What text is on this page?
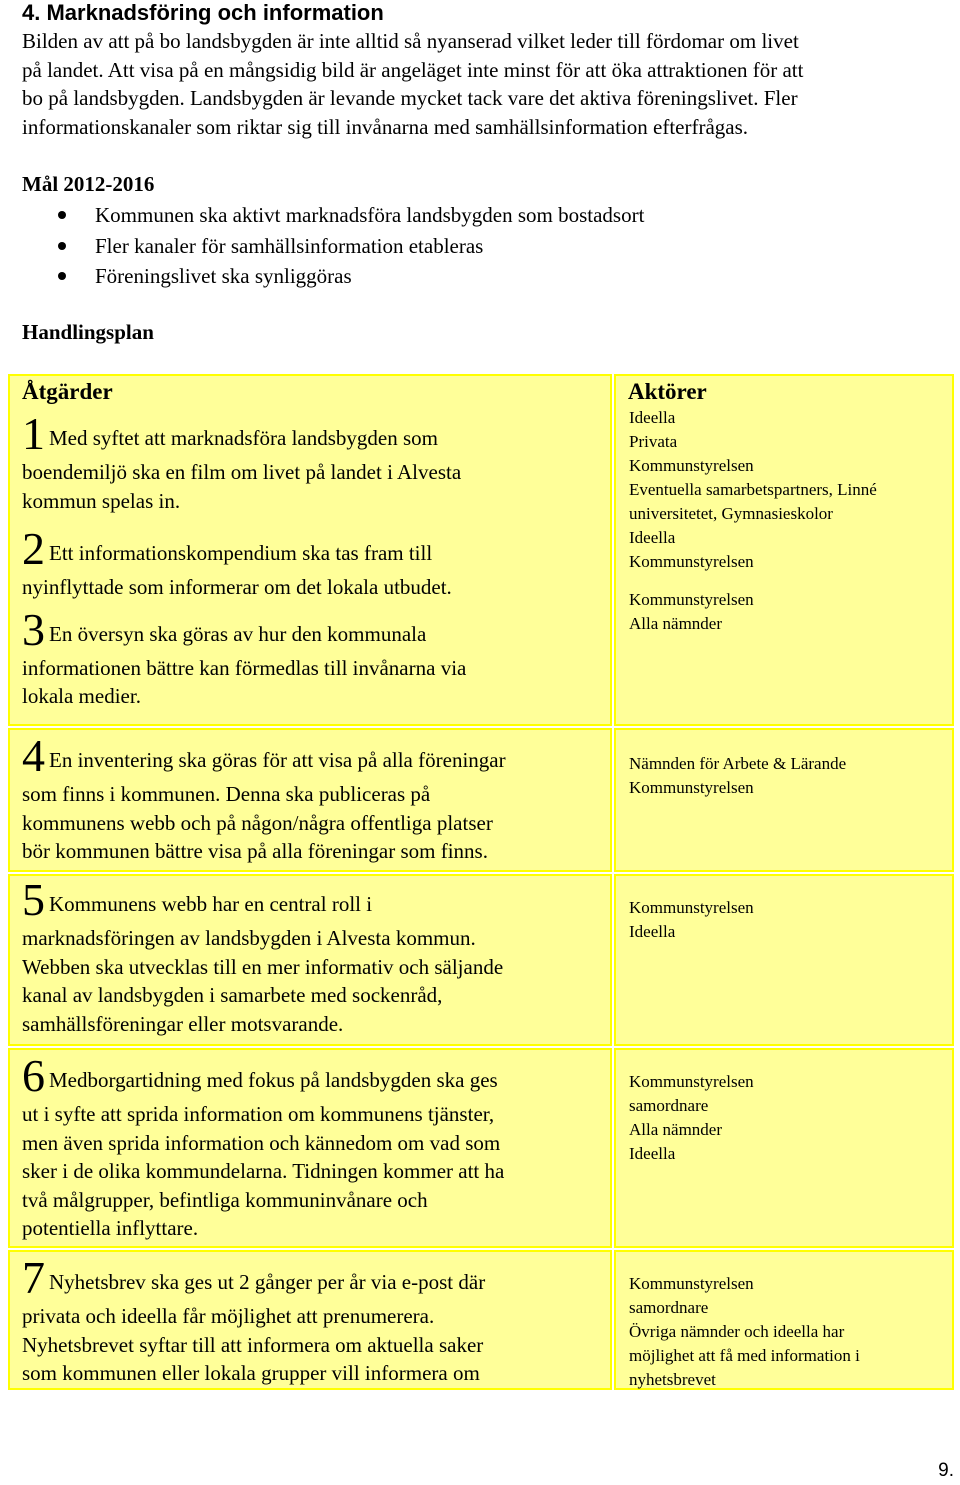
4. Marknadsföring och information
Bilden av att på bo landsbygden är inte alltid så nyanserad vilket leder till fördomar om livet
på landet. Att visa på en mångsidig bild är angeläget inte minst för att öka attraktionen för att
bo på landsbygden. Landsbygden är levande mycket tack vare det aktiva föreningslivet. Fler
informationskanaler som riktar sig till invånarna med samhällsinformation efterfrågas.
Mål 2012-2016
Kommunen ska aktivt marknadsföra landsbygden som bostadsort
Fler kanaler för samhällsinformation etableras
Föreningslivet ska synliggöras
Handlingsplan
Åtgärder
1 Med syftet att marknadsföra landsbygden som
boendemiljö ska en film om livet på landet i Alvesta
kommun spelas in.
2 Ett informationskompendium ska tas fram till
nyinflyttade som informerar om det lokala utbudet.
3 En översyn ska göras av hur den kommunala
informationen bättre kan förmedlas till invånarna via
lokala medier.
Aktörer
Ideella
Privata
Kommunstyrelsen
Eventuella samarbetspartners, Linné
universitetet, Gymnasieskolor
Ideella
Kommunstyrelsen
Kommunstyrelsen
Alla nämnder
4 En inventering ska göras för att visa på alla föreningar
som finns i kommunen. Denna ska publiceras på
kommunens webb och på någon/några offentliga platser
bör kommunen bättre visa på alla föreningar som finns.
Nämnden för Arbete & Lärande
Kommunstyrelsen
5 Kommunens webb har en central roll i
marknadsföringen av landsbygden i Alvesta kommun.
Webben ska utvecklas till en mer informativ och säljande
kanal av landsbygden i samarbete med sockenråd,
samhällsföreningar eller motsvarande.
Kommunstyrelsen
Ideella
6 Medborgartidning med fokus på landsbygden ska ges
ut i syfte att sprida information om kommunens tjänster,
men även sprida information och kännedom om vad som
sker i de olika kommundelarna. Tidningen kommer att ha
två målgrupper, befintliga kommuninvånare och
potentiella inflyttare.
Kommunstyrelsen
samordnare
Alla nämnder
Ideella
7 Nyhetsbrev ska ges ut 2 gånger per år via e-post där
privata och ideella får möjlighet att prenumerera.
Nyhetsbrevet syftar till att informera om aktuella saker
som kommunen eller lokala grupper vill informera om
Kommunstyrelsen
samordnare
Övriga nämnder och ideella har
möjlighet att få med information i
nyhetsbrevet
9.
